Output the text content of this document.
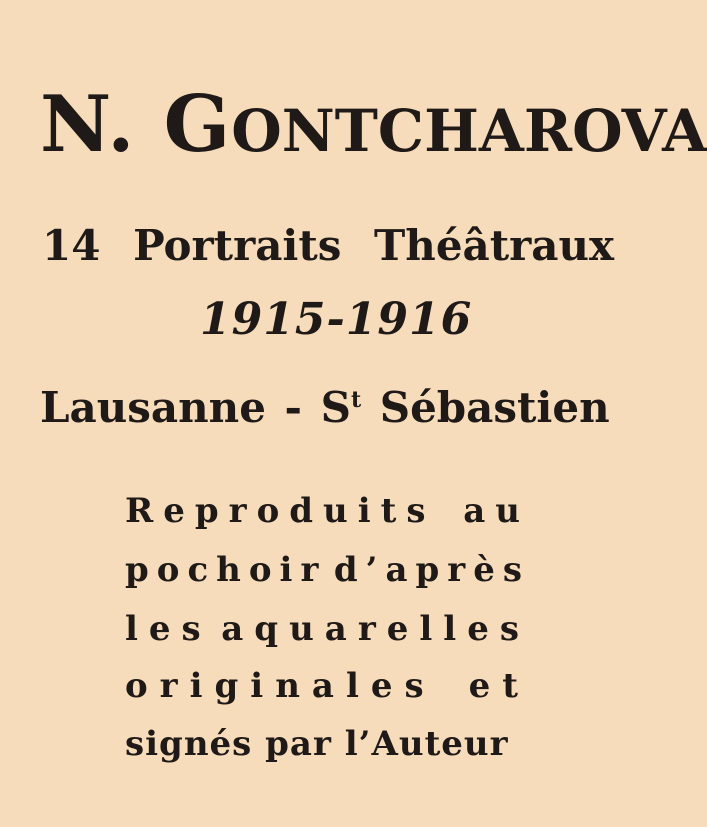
N. GONTCHAROVA
14 Portraits Théâtraux
1915-1916
Lausanne - $S^t$ Sébastien
Reproduits au
pochoir d’après
les aquarelles
originales et
signés par l’Auteur
